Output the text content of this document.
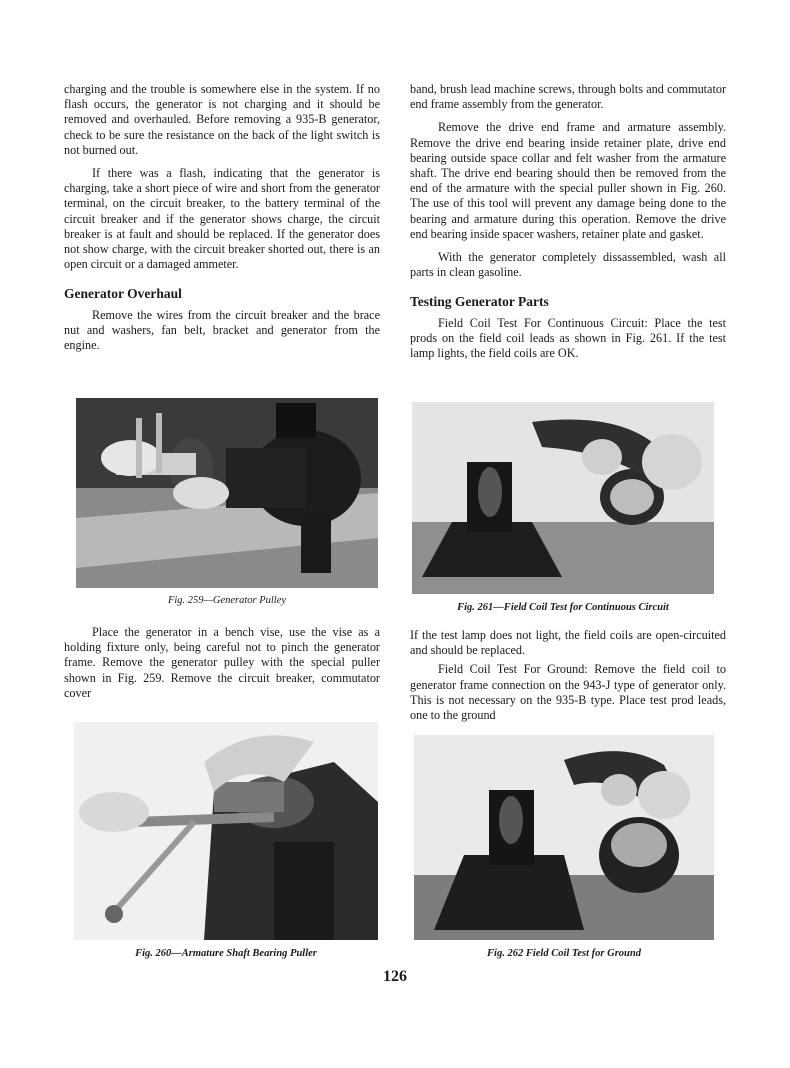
charging and the trouble is somewhere else in the system. If no flash occurs, the generator is not charging and it should be removed and overhauled. Before removing a 935-B generator, check to be sure the resistance on the back of the light switch is not burned out.

If there was a flash, indicating that the generator is charging, take a short piece of wire and short from the generator terminal, on the circuit breaker, to the battery terminal of the circuit breaker and if the generator shows charge, the circuit breaker is at fault and should be replaced. If the generator does not show charge, with the circuit breaker shorted out, there is an open circuit or a damaged ammeter.

Generator Overhaul

Remove the wires from the circuit breaker and the brace nut and washers, fan belt, bracket and generator from the engine.

band, brush lead machine screws, through bolts and commutator end frame assembly from the generator.

Remove the drive end frame and armature assembly. Remove the drive end bearing inside retainer plate, drive end bearing outside space collar and felt washer from the armature shaft. The drive end bearing should then be removed from the end of the armature with the special puller shown in Fig. 260. The use of this tool will prevent any damage being done to the bearing and armature during this operation. Remove the drive end bearing inside spacer washers, retainer plate and gasket.

With the generator completely dissassembled, wash all parts in clean gasoline.

Testing Generator Parts

Field Coil Test For Continuous Circuit: Place the test prods on the field coil leads as shown in Fig. 261. If the test lamp lights, the field coils are OK.

Fig. 259—Generator Pulley
Fig. 261—Field Coil Test for Continuous Circuit

Place the generator in a bench vise, use the vise as a holding fixture only, being careful not to pinch the generator frame. Remove the generator pulley with the special puller shown in Fig. 259. Remove the circuit breaker, commutator cover

If the test lamp does not light, the field coils are open-circuited and should be replaced.

Field Coil Test For Ground: Remove the field coil to generator frame connection on the 943-J type of generator only. This is not necessary on the 935-B type. Place test prod leads, one to the ground

Fig. 260—Armature Shaft Bearing Puller	Fig. 262 Field Coil Test for Ground
126
